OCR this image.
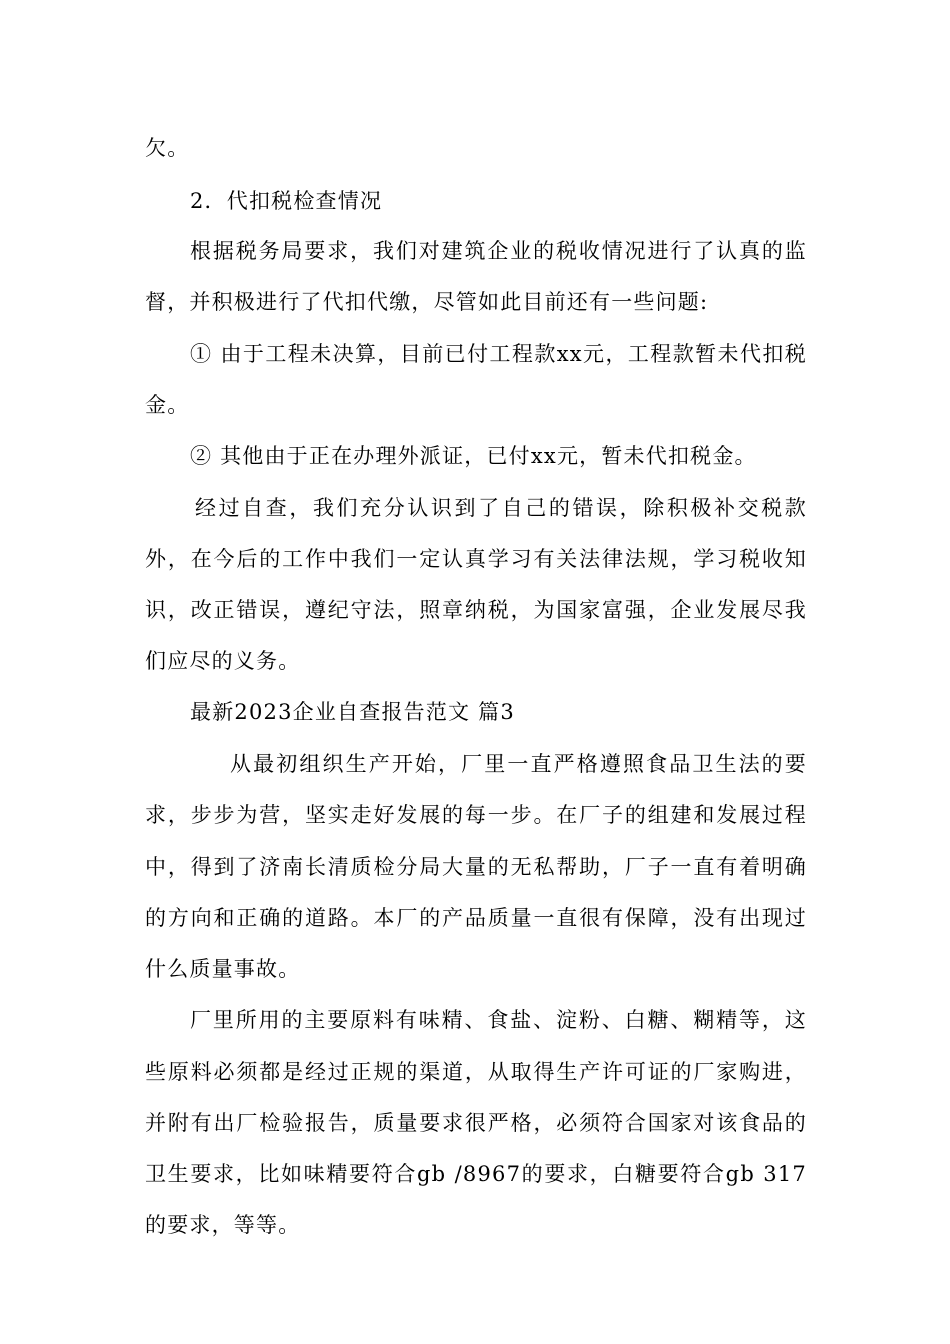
欠。
2．代扣税检查情况
根据税务局要求，我们对建筑企业的税收情况进行了认真的监
督，并积极进行了代扣代缴，尽管如此目前还有一些问题:
① 由于工程未决算，目前已付工程款xx元，工程款暂未代扣税
金。
② 其他由于正在办理外派证，已付xx元，暂未代扣税金。
经过自查，我们充分认识到了自己的错误，除积极补交税款
外，在今后的工作中我们一定认真学习有关法律法规，学习税收知
识，改正错误，遵纪守法，照章纳税，为国家富强，企业发展尽我
们应尽的义务。
最新2023企业自查报告范文 篇3
从最初组织生产开始，厂里一直严格遵照食品卫生法的要
求，步步为营，坚实走好发展的每一步。在厂子的组建和发展过程
中，得到了济南长清质检分局大量的无私帮助，厂子一直有着明确
的方向和正确的道路。本厂的产品质量一直很有保障，没有出现过
什么质量事故。
厂里所用的主要原料有味精、食盐、淀粉、白糖、糊精等，这
些原料必须都是经过正规的渠道，从取得生产许可证的厂家购进，
并附有出厂检验报告，质量要求很严格，必须符合国家对该食品的
卫生要求，比如味精要符合gb /8967的要求，白糖要符合gb 317
的要求，等等。
